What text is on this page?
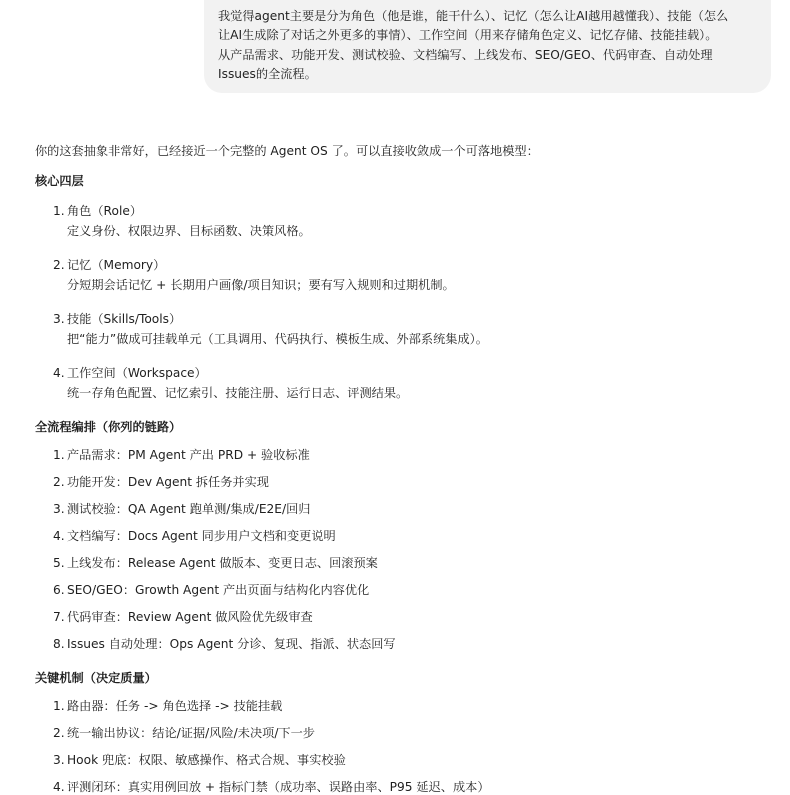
我觉得agent主要是分为角色（他是谁，能干什么）、记忆（怎么让AI越用越懂我）、技能（怎么
让AI生成除了对话之外更多的事情）、工作空间（用来存储角色定义、记忆存储、技能挂载）。
从产品需求、功能开发、测试校验、文档编写、上线发布、SEO/GEO、代码审查、自动处理
Issues的全流程。

你的这套抽象非常好，已经接近一个完整的 Agent OS 了。可以直接收敛成一个可落地模型：

核心四层
1. 角色（Role）
定义身份、权限边界、目标函数、决策风格。
2. 记忆（Memory）
分短期会话记忆 + 长期用户画像/项目知识；要有写入规则和过期机制。
3. 技能（Skills/Tools）
把“能力”做成可挂载单元（工具调用、代码执行、模板生成、外部系统集成）。
4. 工作空间（Workspace）
统一存角色配置、记忆索引、技能注册、运行日志、评测结果。
全流程编排（你列的链路）
1. 产品需求：PM Agent 产出 PRD + 验收标准
2. 功能开发：Dev Agent 拆任务并实现
3. 测试校验：QA Agent 跑单测/集成/E2E/回归
4. 文档编写：Docs Agent 同步用户文档和变更说明
5. 上线发布：Release Agent 做版本、变更日志、回滚预案
6. SEO/GEO：Growth Agent 产出页面与结构化内容优化
7. 代码审查：Review Agent 做风险优先级审查
8. Issues 自动处理：Ops Agent 分诊、复现、指派、状态回写
关键机制（决定质量）
1. 路由器：任务 -> 角色选择 -> 技能挂载
2. 统一输出协议：结论/证据/风险/未决项/下一步
3. Hook 兜底：权限、敏感操作、格式合规、事实校验
4. 评测闭环：真实用例回放 + 指标门禁（成功率、误路由率、P95 延迟、成本）
